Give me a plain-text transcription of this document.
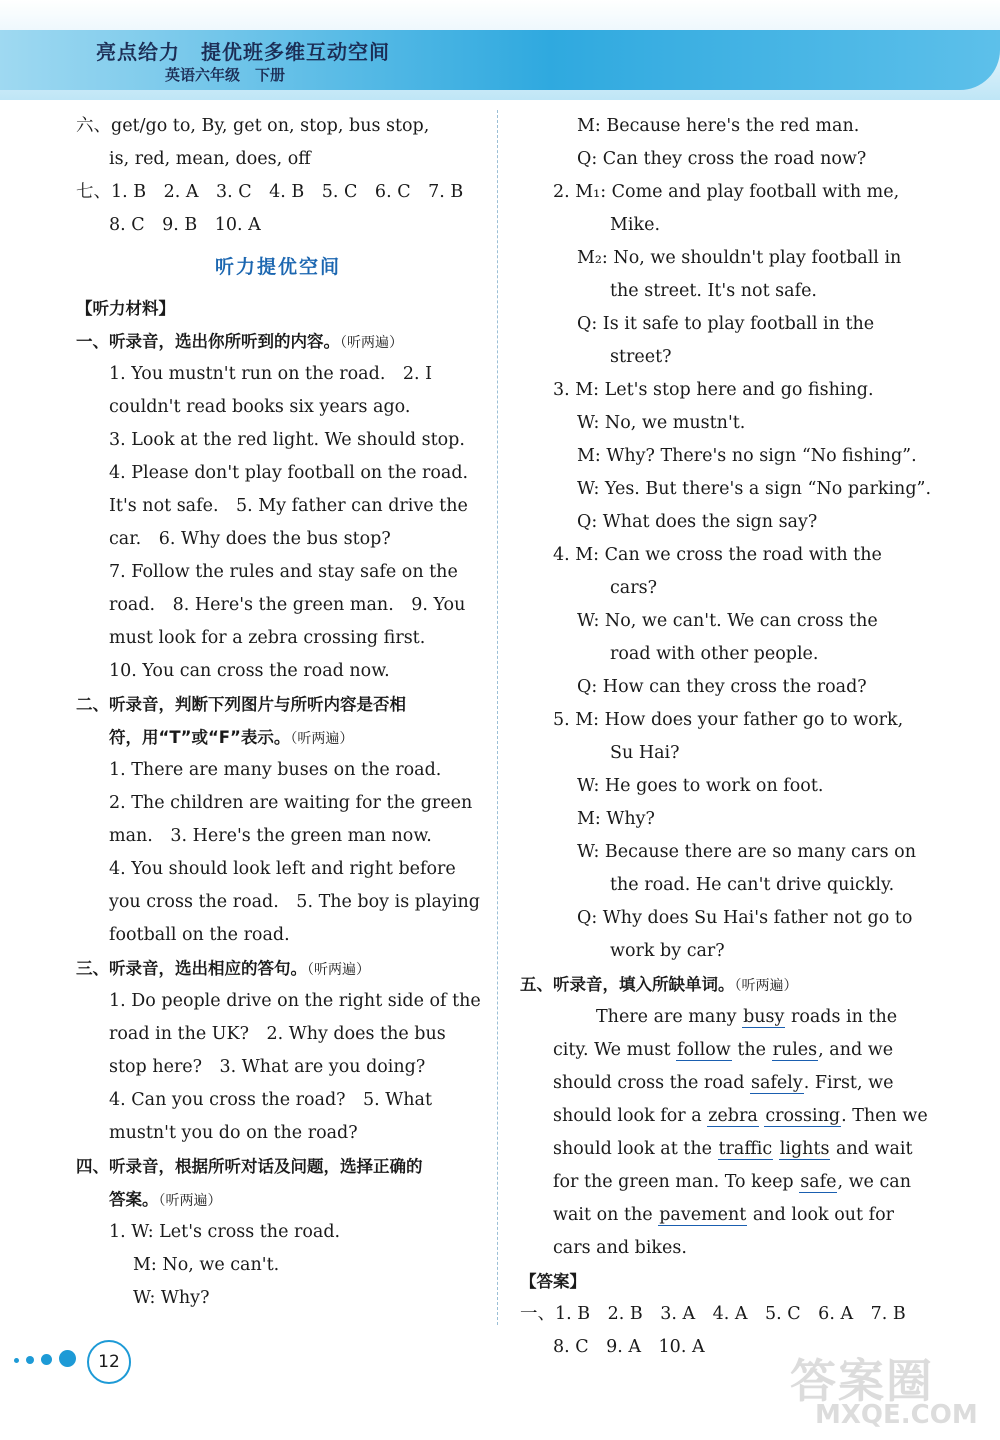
亮点给力　提优班多维互动空间
英语六年级　下册
六、get/go to, By, get on, stop, bus stop,
is, red, mean, does, off
七、1. B　2. A　3. C　4. B　5. C　6. C　7. B
8. C　9. B　10. A
听力提优空间
【听力材料】
一、听录音，选出你所听到的内容。（听两遍）
1. You mustn't run on the road.　2. I
couldn't read books six years ago.
3. Look at the red light. We should stop.
4. Please don't play football on the road.
It's not safe.　5. My father can drive the
car.　6. Why does the bus stop?
7. Follow the rules and stay safe on the
road.　8. Here's the green man.　9. You
must look for a zebra crossing first.
10. You can cross the road now.
二、听录音，判断下列图片与所听内容是否相
符，用“T”或“F”表示。（听两遍）
1. There are many buses on the road.
2. The children are waiting for the green
man.　3. Here's the green man now.
4. You should look left and right before
you cross the road.　5. The boy is playing
football on the road.
三、听录音，选出相应的答句。（听两遍）
1. Do people drive on the right side of the
road in the UK?　2. Why does the bus
stop here?　3. What are you doing?
4. Can you cross the road?　5. What
mustn't you do on the road?
四、听录音，根据所听对话及问题，选择正确的
答案。（听两遍）
1. W: Let's cross the road.
M: No, we can't.
W: Why?
M: Because here's the red man.
Q: Can they cross the road now?
2. M₁: Come and play football with me,
Mike.
M₂: No, we shouldn't play football in
the street. It's not safe.
Q: Is it safe to play football in the
street?
3. M: Let's stop here and go fishing.
W: No, we mustn't.
M: Why? There's no sign “No fishing”.
W: Yes. But there's a sign “No parking”.
Q: What does the sign say?
4. M: Can we cross the road with the
cars?
W: No, we can't. We can cross the
road with other people.
Q: How can they cross the road?
5. M: How does your father go to work,
Su Hai?
W: He goes to work on foot.
M: Why?
W: Because there are so many cars on
the road. He can't drive quickly.
Q: Why does Su Hai's father not go to
work by car?
五、听录音，填入所缺单词。（听两遍）
There are many busy roads in the
city. We must follow the rules, and we
should cross the road safely. First, we
should look for a zebra crossing. Then we
should look at the traffic lights and wait
for the green man. To keep safe, we can
wait on the pavement and look out for
cars and bikes.
【答案】
一、1. B　2. B　3. A　4. A　5. C　6. A　7. B
8. C　9. A　10. A
12	答案圈
MXQE.COM
